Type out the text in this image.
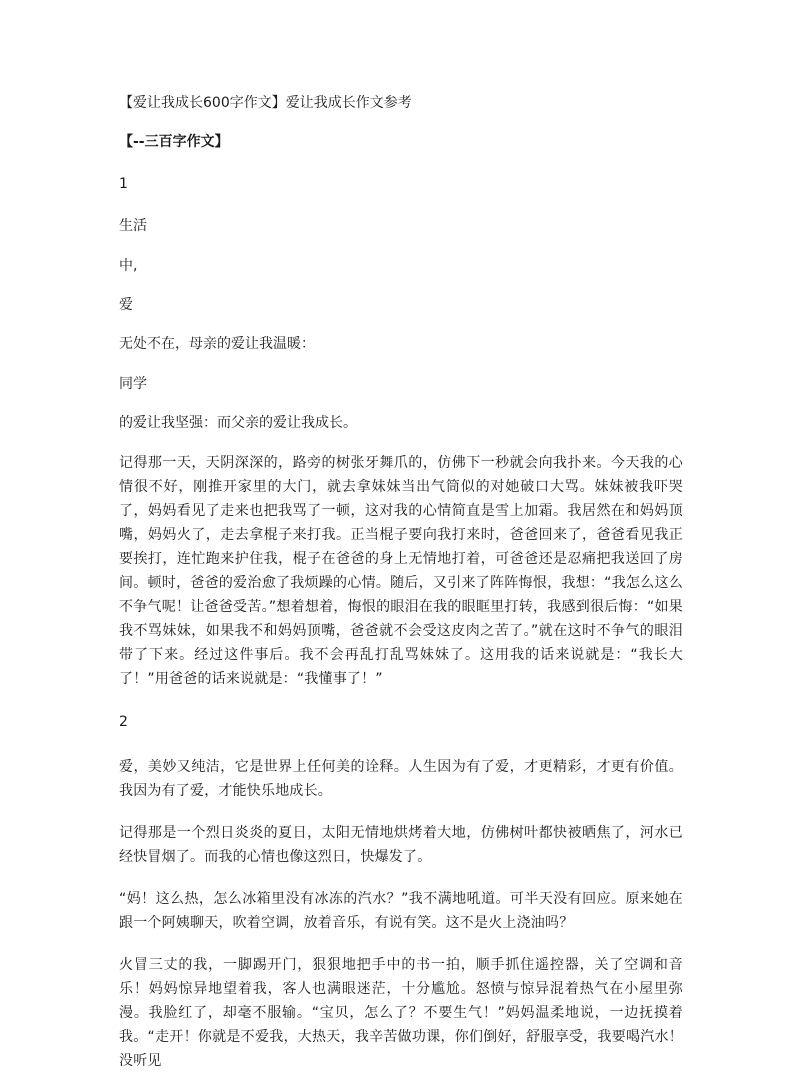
【爱让我成长600字作文】爱让我成长作文参考

【--三百字作文】

1

生活

中,

爱

无处不在，母亲的爱让我温暖：

同学

的爱让我坚强：而父亲的爱让我成长。

记得那一天，天阴深深的，路旁的树张牙舞爪的，仿佛下一秒就会向我扑来。今天我的心情很不好，刚推开家里的大门，就去拿妹妹当出气筒似的对她破口大骂。妹妹被我吓哭了，妈妈看见了走来也把我骂了一顿，这对我的心情简直是雪上加霜。我居然在和妈妈顶嘴，妈妈火了，走去拿棍子来打我。正当棍子要向我打来时，爸爸回来了，爸爸看见我正要挨打，连忙跑来护住我，棍子在爸爸的身上无情地打着，可爸爸还是忍痛把我送回了房间。顿时，爸爸的爱治愈了我烦躁的心情。随后，又引来了阵阵悔恨，我想：“我怎么这么不争气呢！让爸爸受苦。”想着想着，悔恨的眼泪在我的眼眶里打转，我感到很后悔：“如果我不骂妹妹，如果我不和妈妈顶嘴，爸爸就不会受这皮肉之苦了。”就在这时不争气的眼泪带了下来。经过这件事后。我不会再乱打乱骂妹妹了。这用我的话来说就是：“我长大了！”用爸爸的话来说就是：“我懂事了！”

2

爱，美妙又纯洁，它是世界上任何美的诠释。人生因为有了爱，才更精彩，才更有价值。我因为有了爱，才能快乐地成长。

记得那是一个烈日炎炎的夏日，太阳无情地烘烤着大地，仿佛树叶都快被晒焦了，河水已经快冒烟了。而我的心情也像这烈日，快爆发了。

“妈！这么热，怎么冰箱里没有冰冻的汽水？”我不满地吼道。可半天没有回应。原来她在跟一个阿姨聊天，吹着空调，放着音乐，有说有笑。这不是火上浇油吗？

火冒三丈的我，一脚踢开门，狠狠地把手中的书一拍，顺手抓住遥控器，关了空调和音乐！妈妈惊异地望着我，客人也满眼迷茫，十分尴尬。怒愤与惊异混着热气在小屋里弥漫。我脸红了，却毫不服输。“宝贝，怎么了？不要生气！”妈妈温柔地说，一边抚摸着我。“走开！你就是不爱我，大热天，我辛苦做功课，你们倒好，舒服享受，我要喝汽水！没听见
